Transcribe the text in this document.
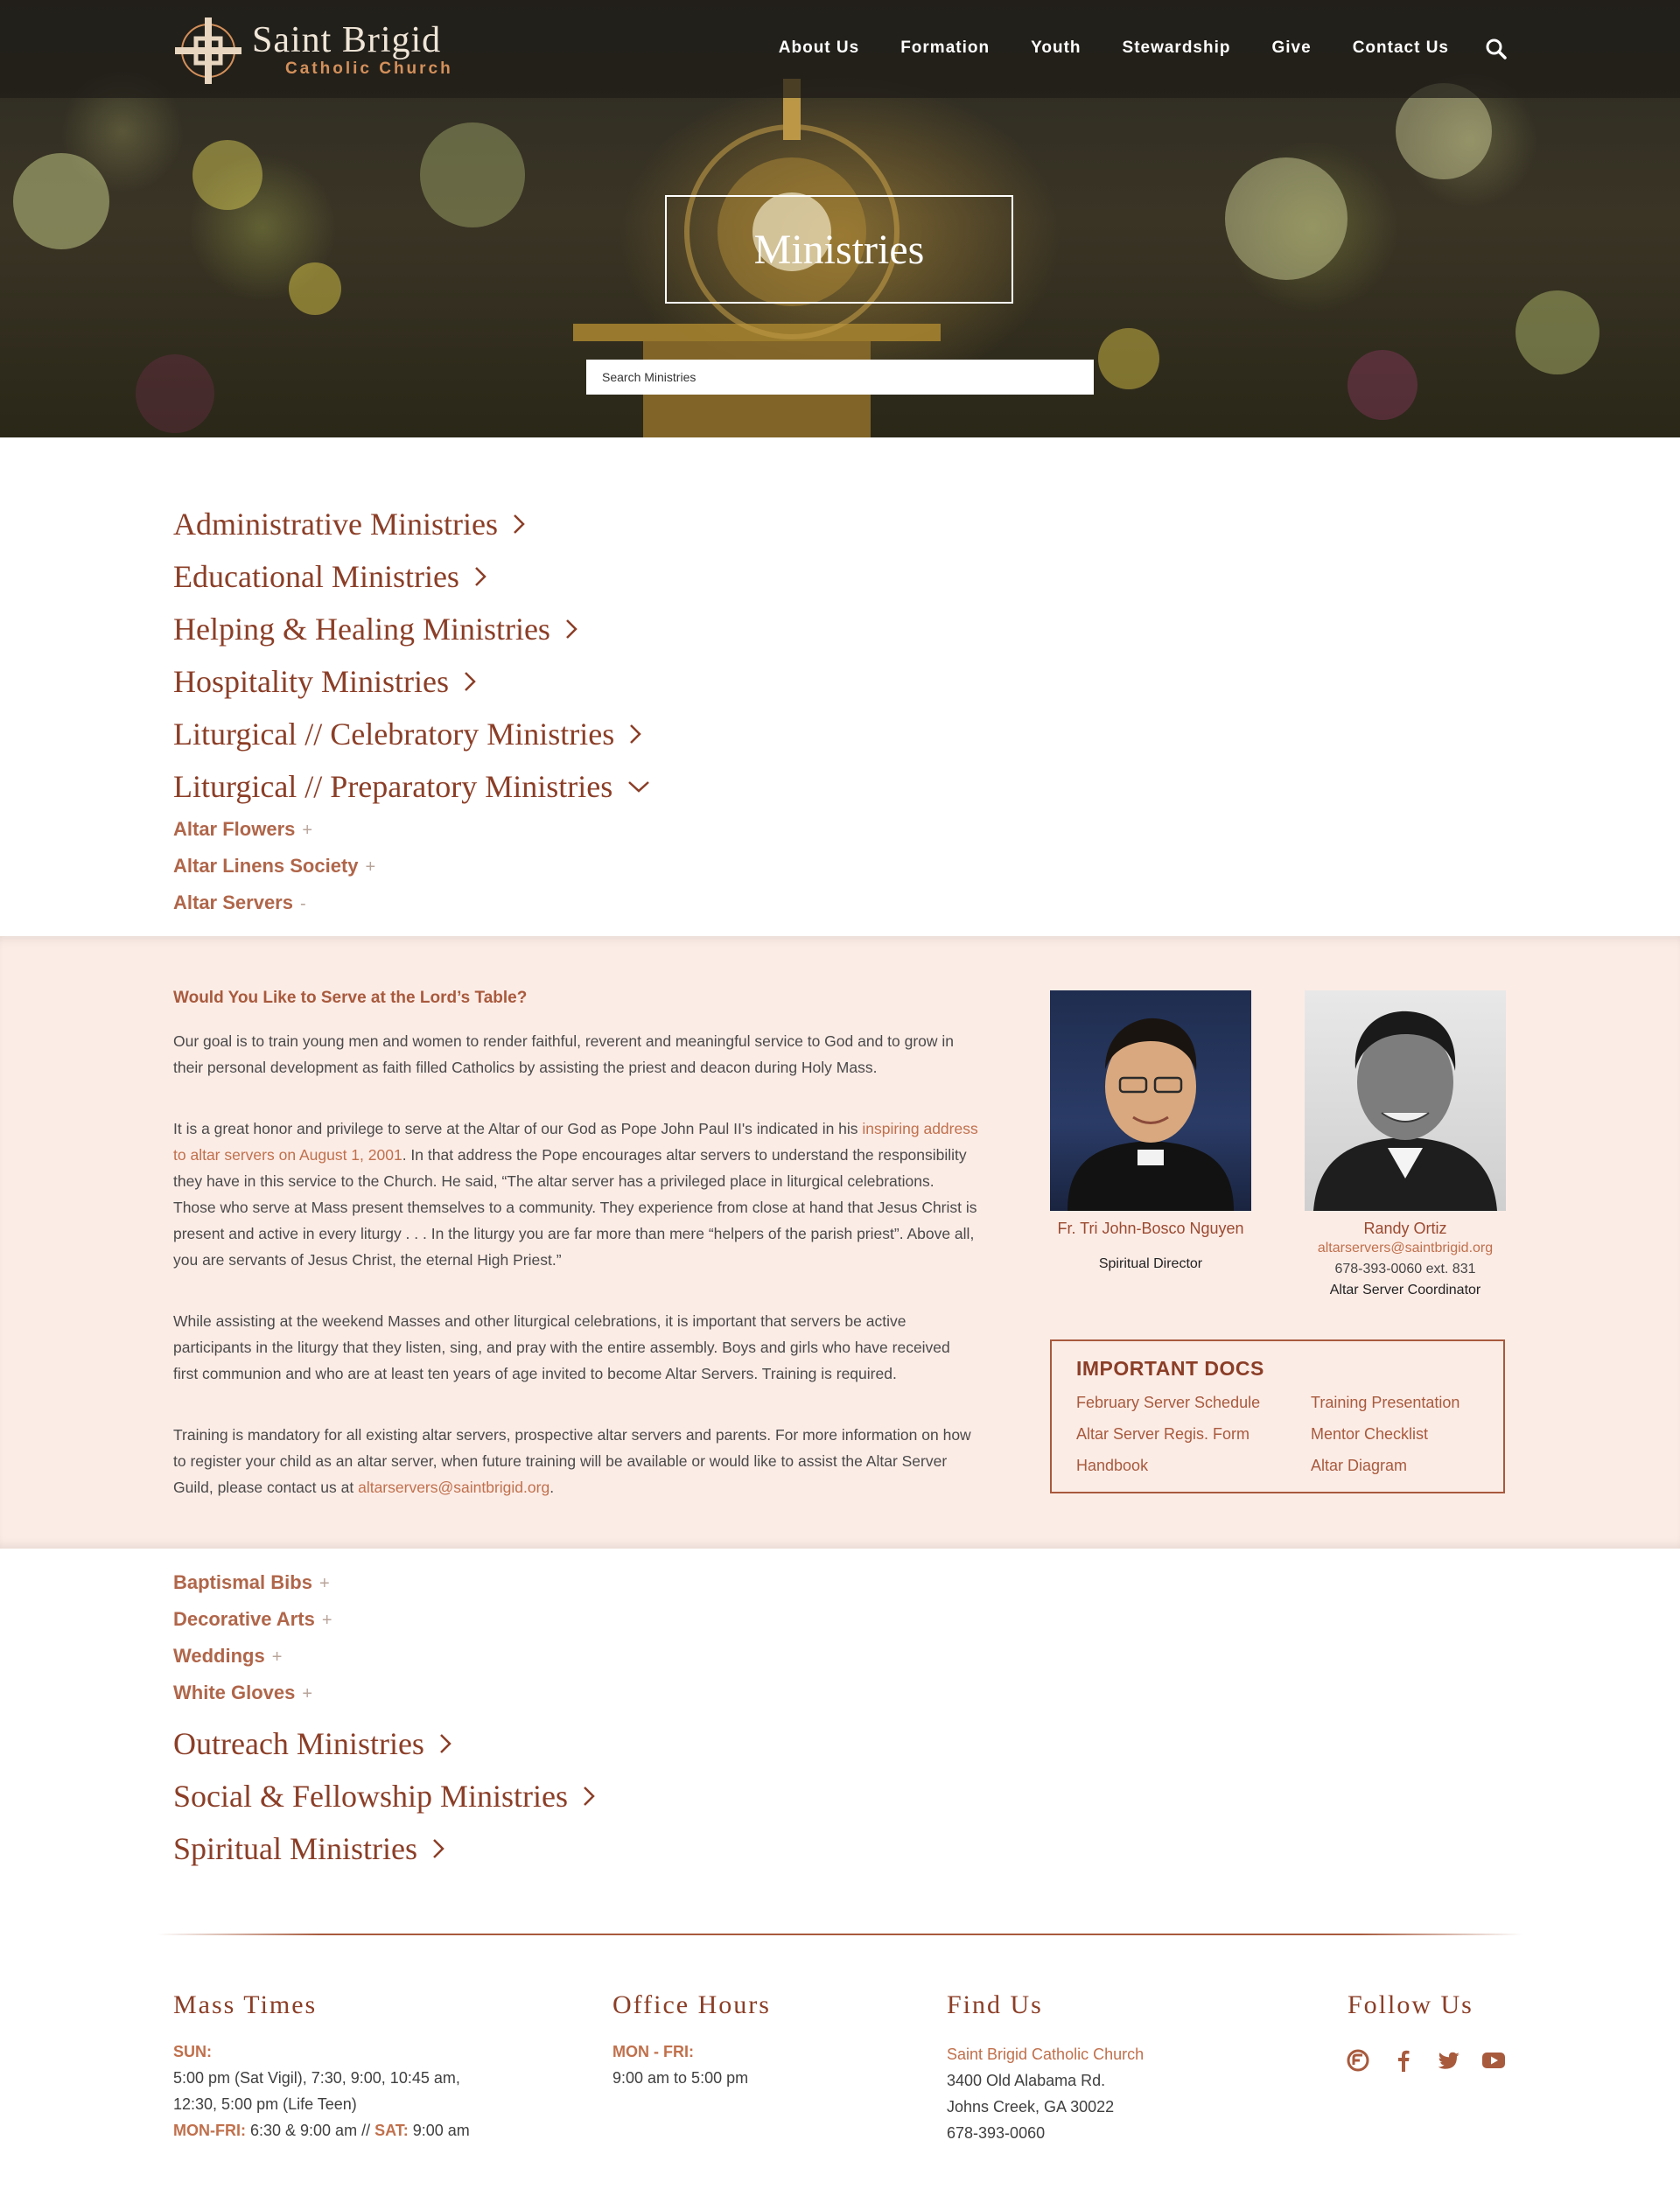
Saint Brigid
Catholic Church
About Us Formation Youth Stewardship Give Contact Us
Ministries
Search Ministries
Administrative Ministries
Educational Ministries
Helping & Healing Ministries
Hospitality Ministries
Liturgical // Celebratory Ministries
Liturgical // Preparatory Ministries
Altar Flowers +
Altar Linens Society +
Altar Servers -
Would You Like to Serve at the Lord’s Table?
Our goal is to train young men and women to render faithful, reverent and meaningful service to God and to grow in their personal development as faith filled Catholics by assisting the priest and deacon during Holy Mass.
It is a great honor and privilege to serve at the Altar of our God as Pope John Paul II's indicated in his inspiring address to altar servers on August 1, 2001. In that address the Pope encourages altar servers to understand the responsibility they have in this service to the Church. He said, “The altar server has a privileged place in liturgical celebrations. Those who serve at Mass present themselves to a community. They experience from close at hand that Jesus Christ is present and active in every liturgy . . . In the liturgy you are far more than mere “helpers of the parish priest”. Above all, you are servants of Jesus Christ, the eternal High Priest.”
While assisting at the weekend Masses and other liturgical celebrations, it is important that servers be active participants in the liturgy that they listen, sing, and pray with the entire assembly. Boys and girls who have received first communion and who are at least ten years of age invited to become Altar Servers. Training is required.
Training is mandatory for all existing altar servers, prospective altar servers and parents. For more information on how to register your child as an altar server, when future training will be available or would like to assist the Altar Server Guild, please contact us at altarservers@saintbrigid.org.
Fr. Tri John-Bosco Nguyen
Spiritual Director
Randy Ortiz
altarservers@saintbrigid.org
678-393-0060 ext. 831
Altar Server Coordinator
IMPORTANT DOCS
February Server Schedule	Training Presentation
Altar Server Regis. Form	Mentor Checklist
Handbook	Altar Diagram
Baptismal Bibs +
Decorative Arts +
Weddings +
White Gloves +
Outreach Ministries
Social & Fellowship Ministries
Spiritual Ministries
Mass Times
SUN:
5:00 pm (Sat Vigil), 7:30, 9:00, 10:45 am,
12:30, 5:00 pm (Life Teen)
MON-FRI: 6:30 & 9:00 am // SAT: 9:00 am
Office Hours
MON - FRI:
9:00 am to 5:00 pm
Find Us
Saint Brigid Catholic Church
3400 Old Alabama Rd.
Johns Creek, GA 30022
678-393-0060
Follow Us
